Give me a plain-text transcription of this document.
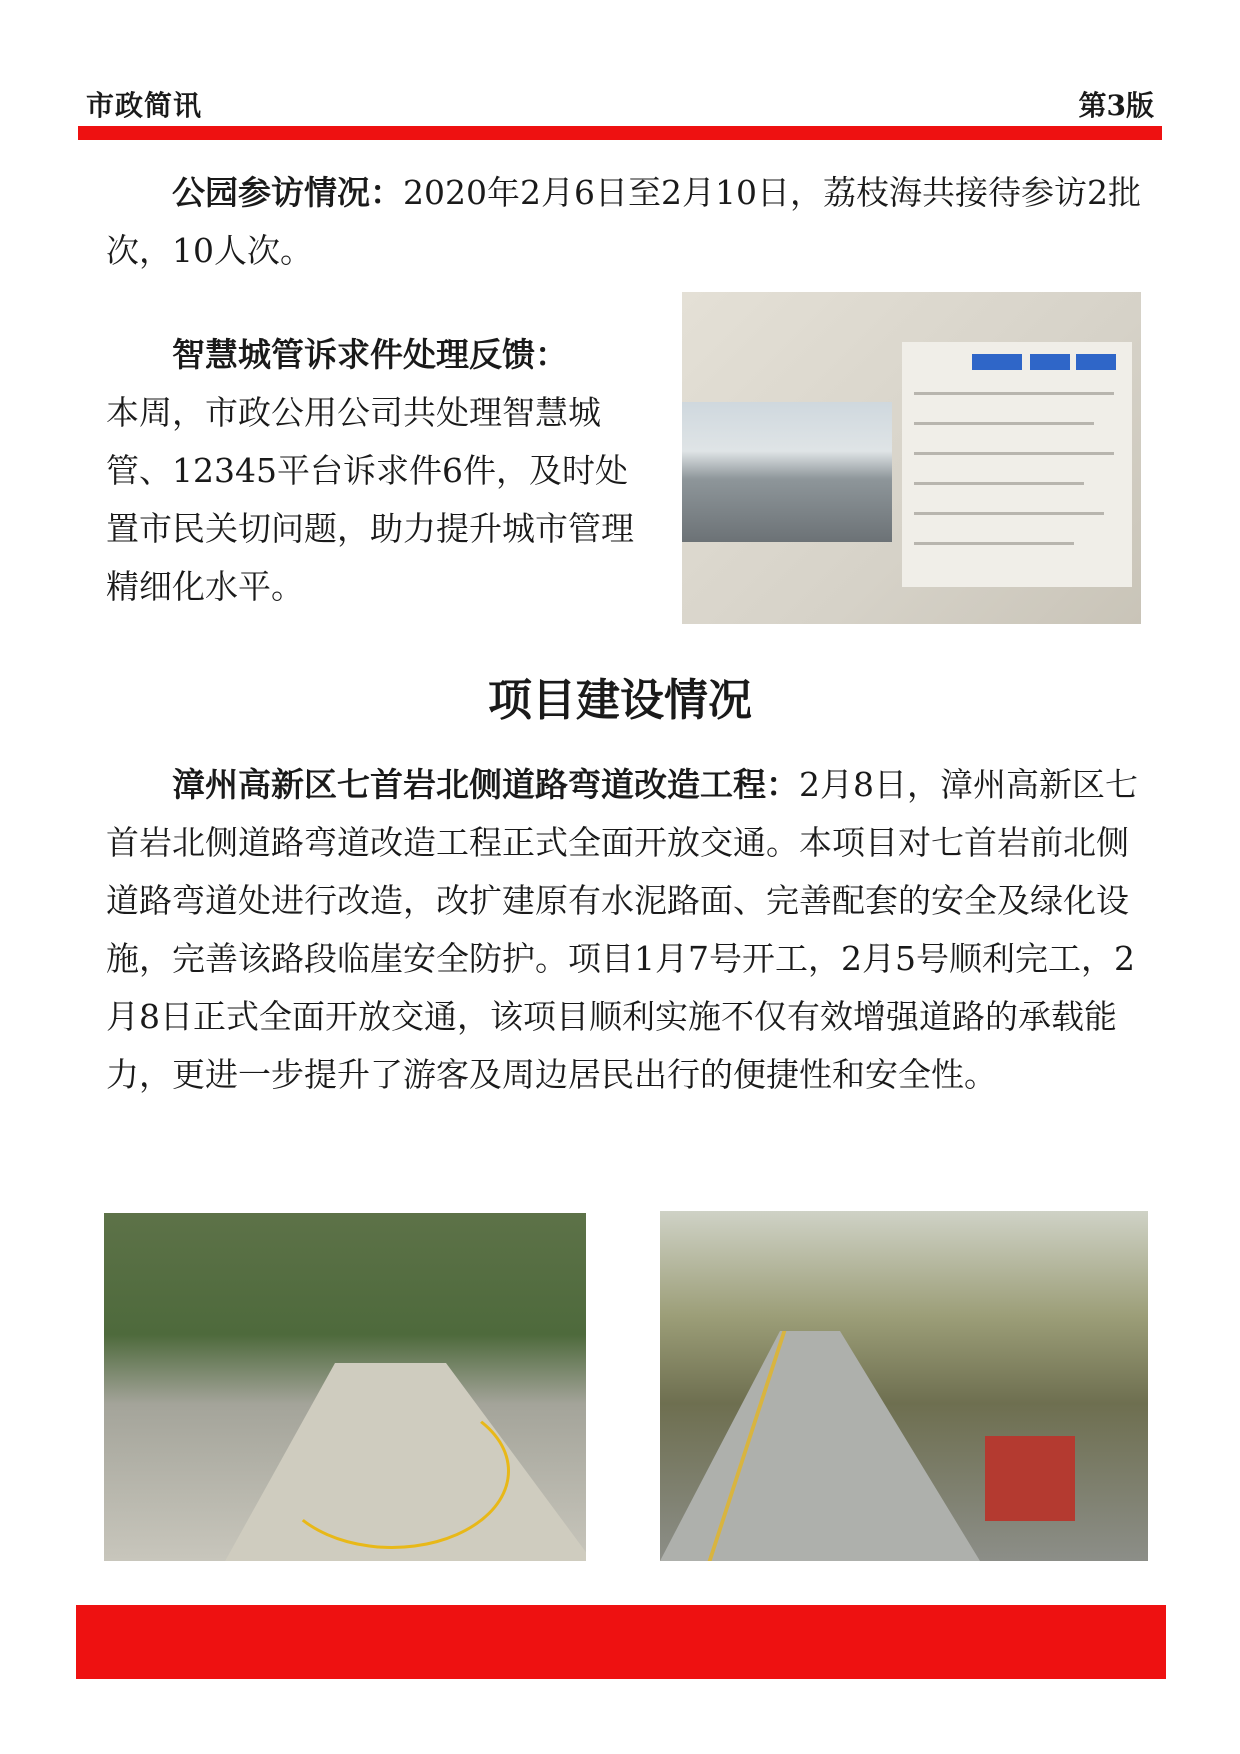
市政简讯	第3版
公园参访情况：2020年2月6日至2月10日，荔枝海共接待参访2批次，10人次。
智慧城管诉求件处理反馈：
本周，市政公用公司共处理智慧城管、12345平台诉求件6件，及时处置市民关切问题，助力提升城市管理精细化水平。
项目建设情况
漳州高新区七首岩北侧道路弯道改造工程：2月8日，漳州高新区七首岩北侧道路弯道改造工程正式全面开放交通。本项目对七首岩前北侧道路弯道处进行改造，改扩建原有水泥路面、完善配套的安全及绿化设施，完善该路段临崖安全防护。项目1月7号开工，2月5号顺利完工，2月8日正式全面开放交通，该项目顺利实施不仅有效增强道路的承载能力，更进一步提升了游客及周边居民出行的便捷性和安全性。
